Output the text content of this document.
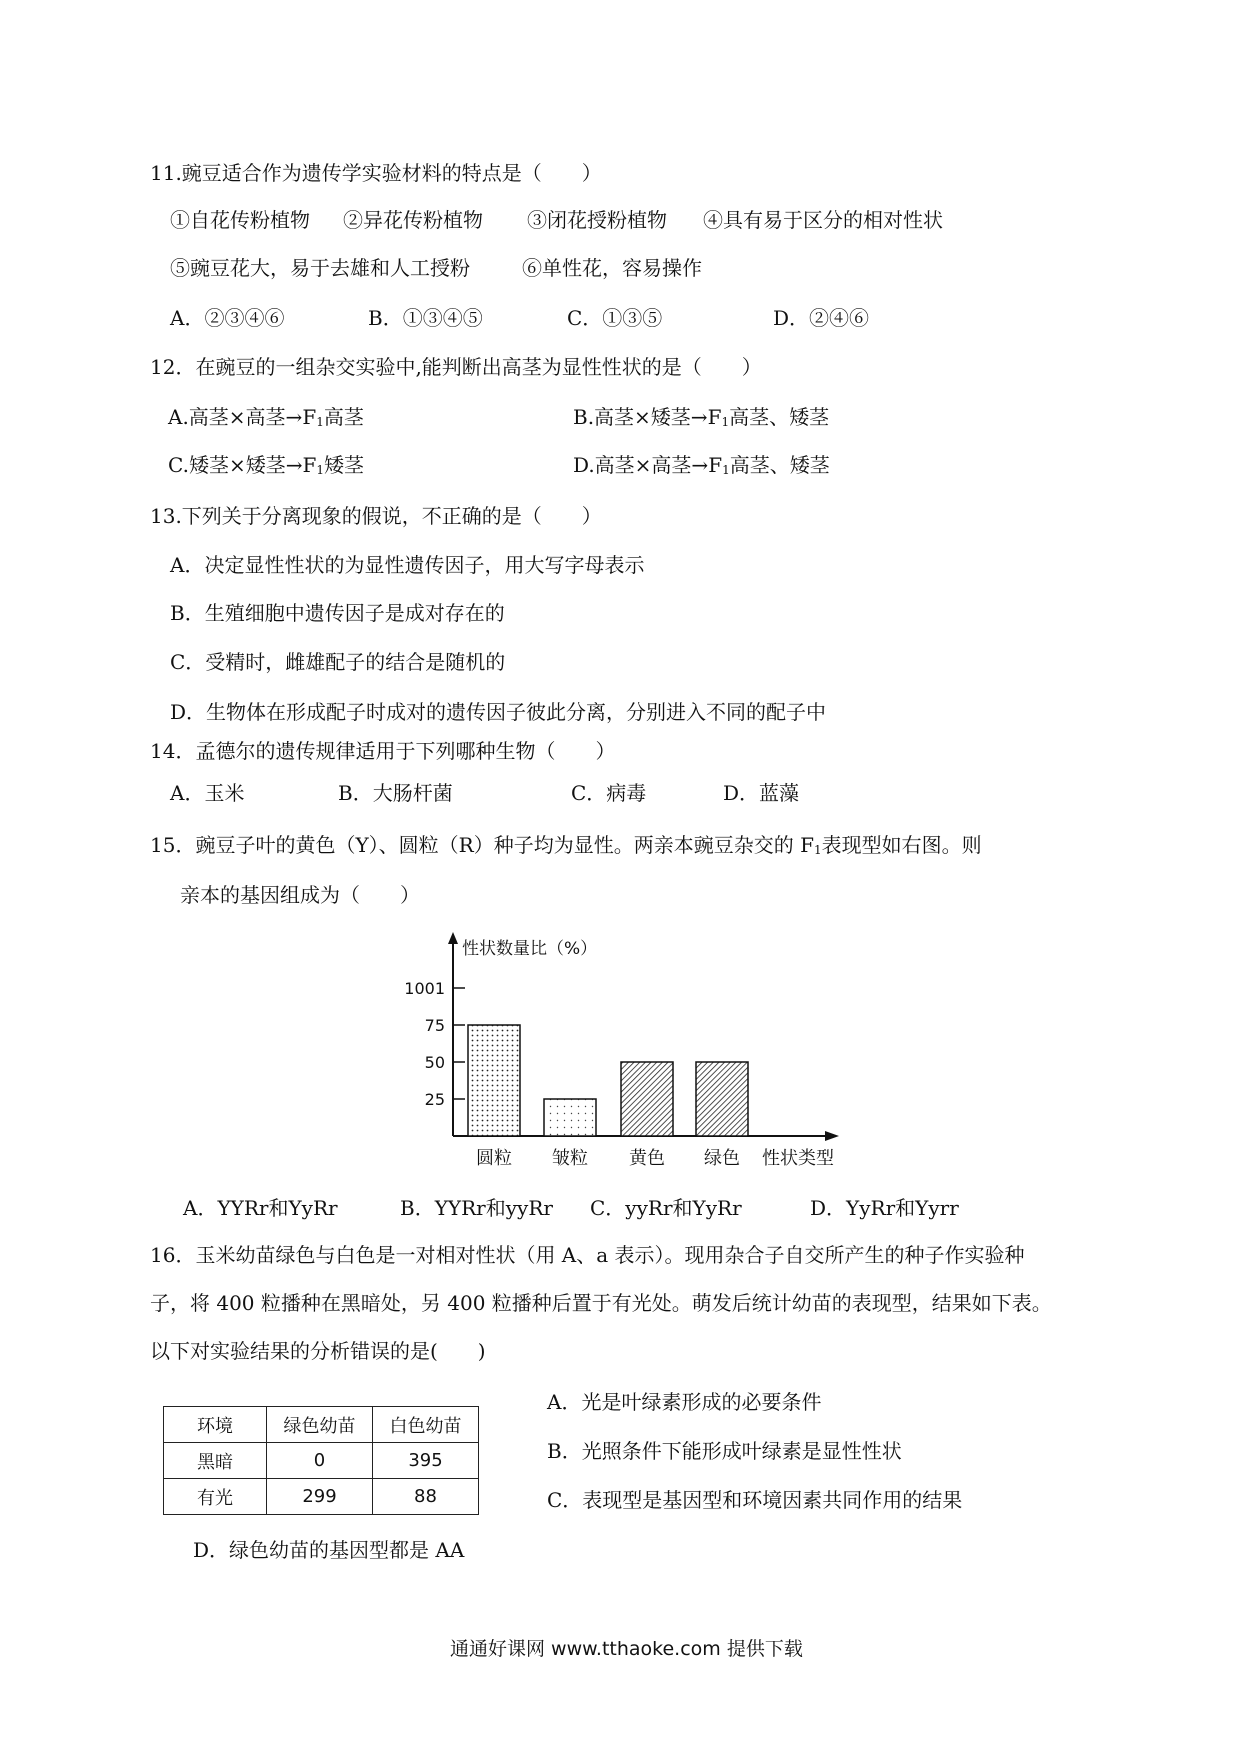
11.豌豆适合作为遗传学实验材料的特点是（　　）
①自花传粉植物 ②异花传粉植物 ③闭花授粉植物 ④具有易于区分的相对性状
⑤豌豆花大，易于去雄和人工授粉	⑥单性花，容易操作
A．②③④⑥	B．①③④⑤	C．①③⑤	D．②④⑥
12．在豌豆的一组杂交实验中,能判断出高茎为显性性状的是（　　）
A.高茎×高茎→F1高茎	B.高茎×矮茎→F1高茎、矮茎
C.矮茎×矮茎→F1矮茎	D.高茎×高茎→F1高茎、矮茎
13.下列关于分离现象的假说，不正确的是（　　）
A．决定显性性状的为显性遗传因子，用大写字母表示
B．生殖细胞中遗传因子是成对存在的
C．受精时，雌雄配子的结合是随机的
D．生物体在形成配子时成对的遗传因子彼此分离，分别进入不同的配子中
14．孟德尔的遗传规律适用于下列哪种生物（　　）
A．玉米	B．大肠杆菌	C．病毒	D．蓝藻
15．豌豆子叶的黄色（Y）、圆粒（R）种子均为显性。两亲本豌豆杂交的 F1表现型如右图。则
亲本的基因组成为（　　）
1001
75
50
25
圆粒 皱粒 黄色 绿色
性状数量比（%）
性状类型
A．YYRr和YyRr	B．YYRr和yyRr C．yyRr和YyRr	D．YyRr和Yyrr
16．玉米幼苗绿色与白色是一对相对性状（用 A、a 表示）。现用杂合子自交所产生的种子作实验种
子，将 400 粒播种在黑暗处，另 400 粒播种后置于有光处。萌发后统计幼苗的表现型，结果如下表。
以下对实验结果的分析错误的是(　　)
环境	绿色幼苗	白色幼苗
黑暗	0	395
有光	299	88
A．光是叶绿素形成的必要条件
B．光照条件下能形成叶绿素是显性性状
C．表现型是基因型和环境因素共同作用的结果
D．绿色幼苗的基因型都是 AA
通通好课网 www.tthaoke.com 提供下载
